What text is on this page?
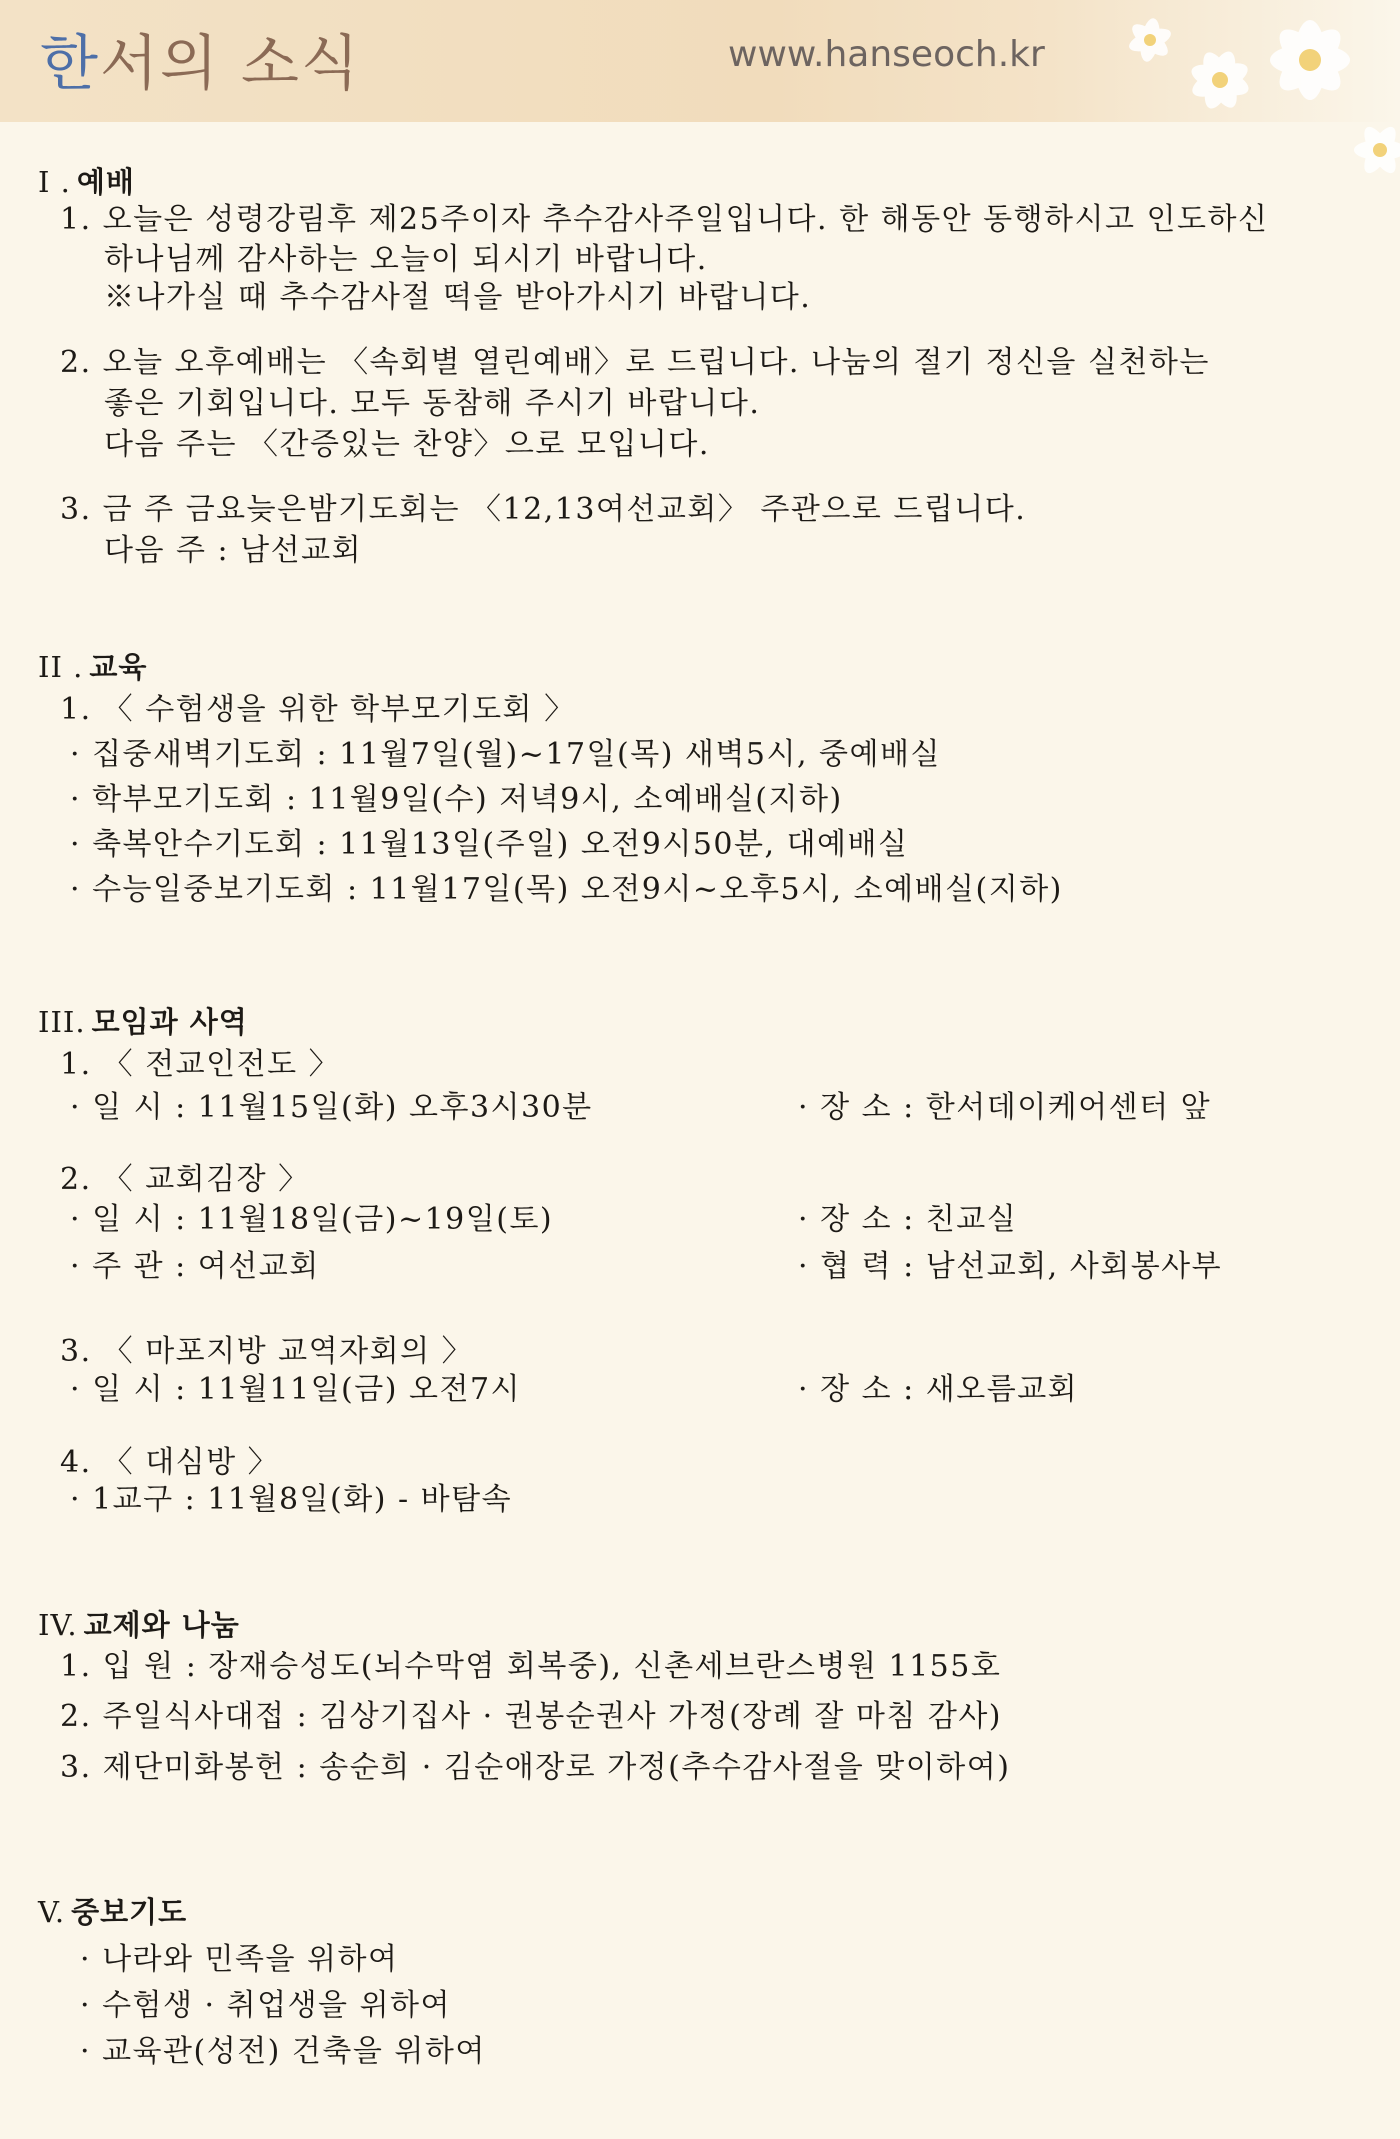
한서의 소식	www.hanseoch.kr
I . 예배
1. 오늘은 성령강림후 제25주이자 추수감사주일입니다. 한 해동안 동행하시고 인도하신
하나님께 감사하는 오늘이 되시기 바랍니다.
※나가실 때 추수감사절 떡을 받아가시기 바랍니다.
2. 오늘 오후예배는 〈속회별 열린예배〉로 드립니다. 나눔의 절기 정신을 실천하는
좋은 기회입니다. 모두 동참해 주시기 바랍니다.
다음 주는 〈간증있는 찬양〉으로 모입니다.
3. 금 주 금요늦은밤기도회는 〈12,13여선교회〉 주관으로 드립니다.
다음 주 : 남선교회
II . 교육
1. 〈 수험생을 위한 학부모기도회 〉
· 집중새벽기도회 : 11월7일(월)~17일(목) 새벽5시, 중예배실
· 학부모기도회 : 11월9일(수) 저녁9시, 소예배실(지하)
· 축복안수기도회 : 11월13일(주일) 오전9시50분, 대예배실
· 수능일중보기도회 : 11월17일(목) 오전9시~오후5시, 소예배실(지하)
III. 모임과 사역
1. 〈 전교인전도 〉
· 일 시 : 11월15일(화) 오후3시30분	· 장 소 : 한서데이케어센터 앞
2. 〈 교회김장 〉
· 일 시 : 11월18일(금)~19일(토)	· 장 소 : 친교실
· 주 관 : 여선교회	· 협 력 : 남선교회, 사회봉사부
3. 〈 마포지방 교역자회의 〉
· 일 시 : 11월11일(금) 오전7시	· 장 소 : 새오름교회
4. 〈 대심방 〉
· 1교구 : 11월8일(화) - 바탐속
IV. 교제와 나눔
1. 입 원 : 장재승성도(뇌수막염 회복중), 신촌세브란스병원 1155호
2. 주일식사대접 : 김상기집사 · 권봉순권사 가정(장례 잘 마침 감사)
3. 제단미화봉헌 : 송순희 · 김순애장로 가정(추수감사절을 맞이하여)
V. 중보기도
· 나라와 민족을 위하여
· 수험생 · 취업생을 위하여
· 교육관(성전) 건축을 위하여
